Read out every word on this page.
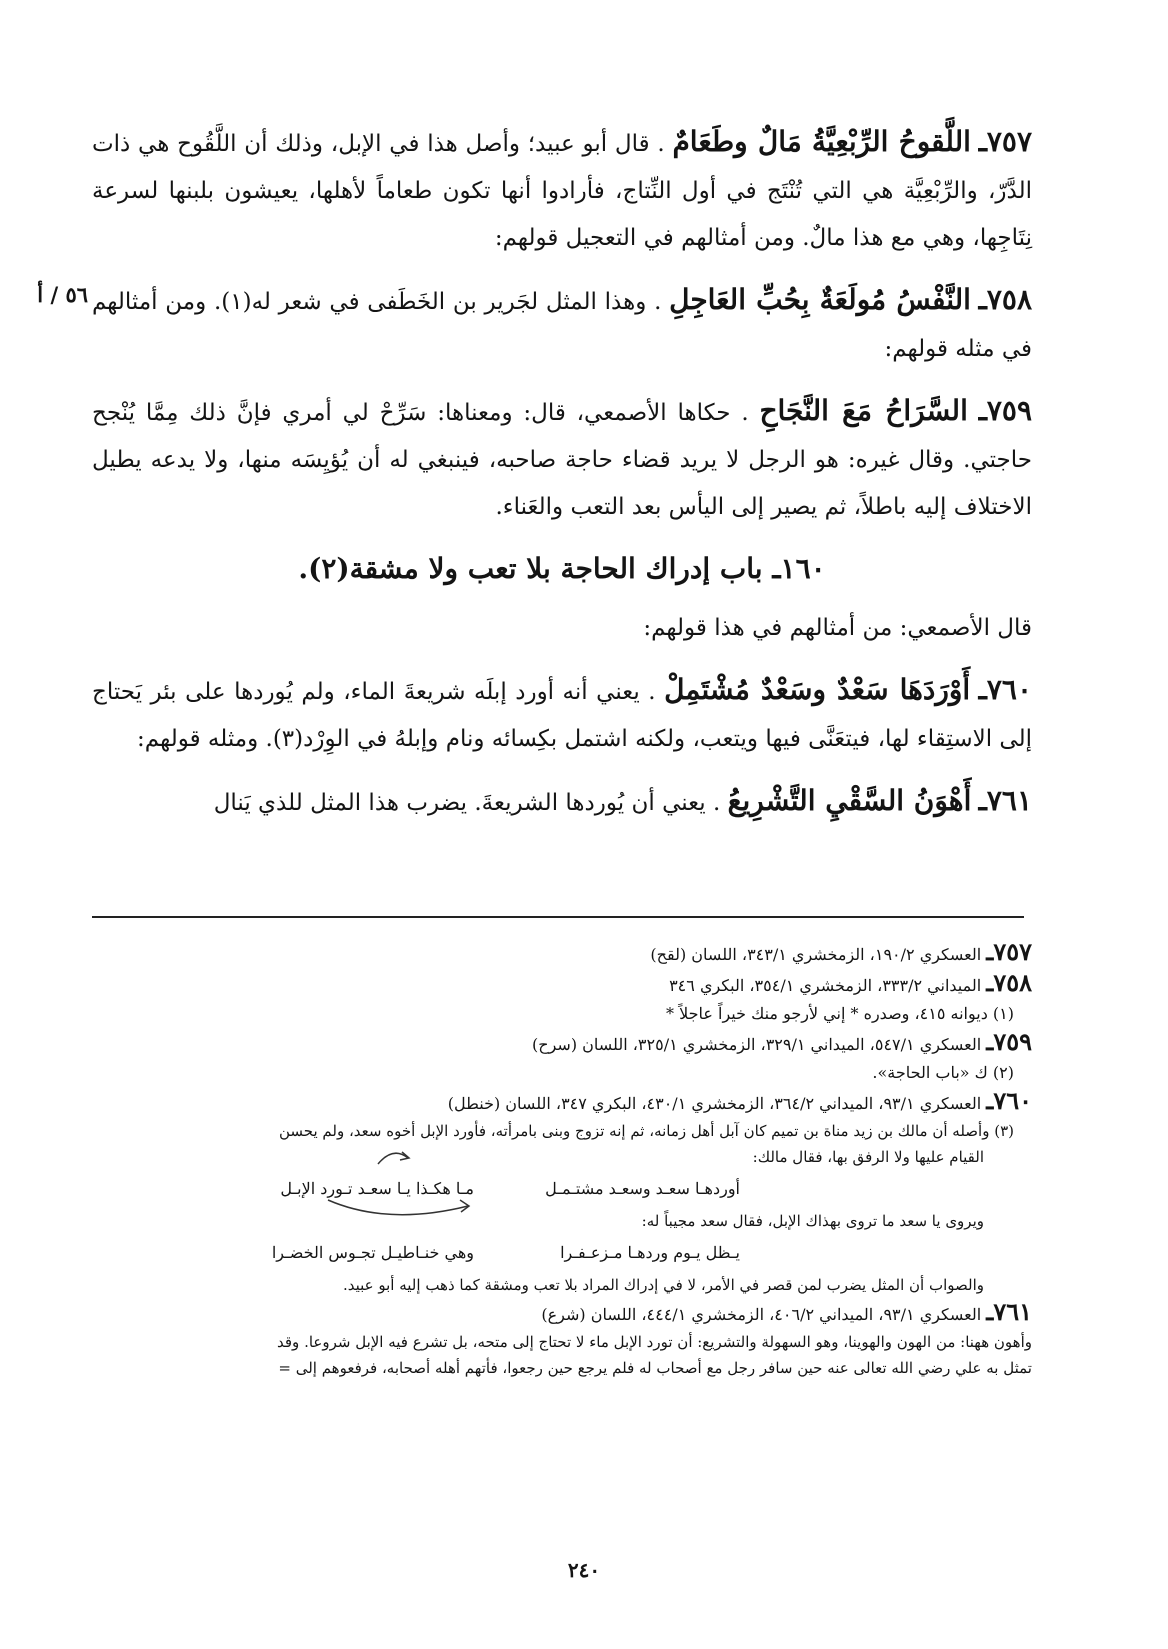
٥٦ / أ

٧٥٧ـ اللَّقوحُ الرِّبْعِيَّةُ مَالٌ وطَعَامٌ . قال أبو عبيد؛ وأصل هذا في الإبل، وذلك أن اللَّقُوح هي ذات الدَّرّ، والرِّبْعِيَّة هي التي تُنْتَج في أول النِّتاج، فأرادوا أنها تكون طعاماً لأهلها، يعيشون بلبنها لسرعة نِتَاجِها، وهي مع هذا مالٌ. ومن أمثالهم في التعجيل قولهم:

٧٥٨ـ النَّفْسُ مُولَعَةٌ بِحُبِّ العَاجِلِ . وهذا المثل لجَرير بن الخَطَفى في شعر له(١). ومن أمثالهم في مثله قولهم:

٧٥٩ـ السَّرَاحُ مَعَ النَّجَاحِ . حكاها الأصمعي، قال: ومعناها: سَرِّحْ لي أمري فإنَّ ذلك مِمَّا يُنْجح حاجتي. وقال غيره: هو الرجل لا يريد قضاء حاجة صاحبه، فينبغي له أن يُؤيِسَه منها، ولا يدعه يطيل الاختلاف إليه باطلاً، ثم يصير إلى اليأس بعد التعب والعَناء.

١٦٠ـ باب إدراك الحاجة بلا تعب ولا مشقة(٢).

قال الأصمعي: من أمثالهم في هذا قولهم:

٧٦٠ـ أَوْرَدَهَا سَعْدٌ وسَعْدٌ مُشْتَمِلْ . يعني أنه أورد إبلَه شريعةَ الماء، ولم يُوردها على بئر يَحتاج إلى الاستِقاء لها، فيتعَنَّى فيها ويتعب، ولكنه اشتمل بكِسائه ونام وإبلهُ في الوِرْد(٣). ومثله قولهم:

٧٦١ـ أَهْوَنُ السَّقْيِ التَّشْرِيعُ . يعني أن يُوردها الشريعةَ. يضرب هذا المثل للذي يَنال

٧٥٧ـ العسكري ١٩٠/٢، الزمخشري ٣٤٣/١، اللسان (لقح)

٧٥٨ـ الميداني ٣٣٣/٢، الزمخشري ٣٥٤/١، البكري ٣٤٦

(١) ديوانه ٤١٥، وصدره * إني لأرجو منك خيراً عاجلاً *

٧٥٩ـ العسكري ٥٤٧/١، الميداني ٣٢٩/١، الزمخشري ٣٢٥/١، اللسان (سرح)

(٢) ك «باب الحاجة».

٧٦٠ـ العسكري ٩٣/١، الميداني ٣٦٤/٢، الزمخشري ٤٣٠/١، البكري ٣٤٧، اللسان (خنطل)

(٣) وأصله أن مالك بن زيد مناة بن تميم كان آبل أهل زمانه، ثم إنه تزوج وبنى بامرأته، فأورد الإبل أخوه سعد، ولم يحسن

القيام عليها ولا الرفق بها، فقال مالك:

أوردهـا سعـد وسعـد مشتـمـل
مـا هكـذا يـا سعـد تـورد الإبـل

ويروى يا سعد ما تروى بهذاك الإبل، فقال سعد مجيباً له:

يـظل يـوم وردهـا مـزعـفـرا
وهي خنـاطيـل تجـوس الخضـرا

والصواب أن المثل يضرب لمن قصر في الأمر، لا في إدراك المراد بلا تعب ومشقة كما ذهب إليه أبو عبيد.

٧٦١ـ العسكري ٩٣/١، الميداني ٤٠٦/٢، الزمخشري ٤٤٤/١، اللسان (شرع)

وأهون ههنا: من الهون والهوينا، وهو السهولة والتشريع: أن تورد الإبل ماء لا تحتاج إلى متحه، بل تشرع فيه الإبل شروعا. وقد

تمثل به علي رضي الله تعالى عنه حين سافر رجل مع أصحاب له فلم يرجع حين رجعوا، فأتهم أهله أصحابه، فرفعوهم إلى =

٢٤٠
